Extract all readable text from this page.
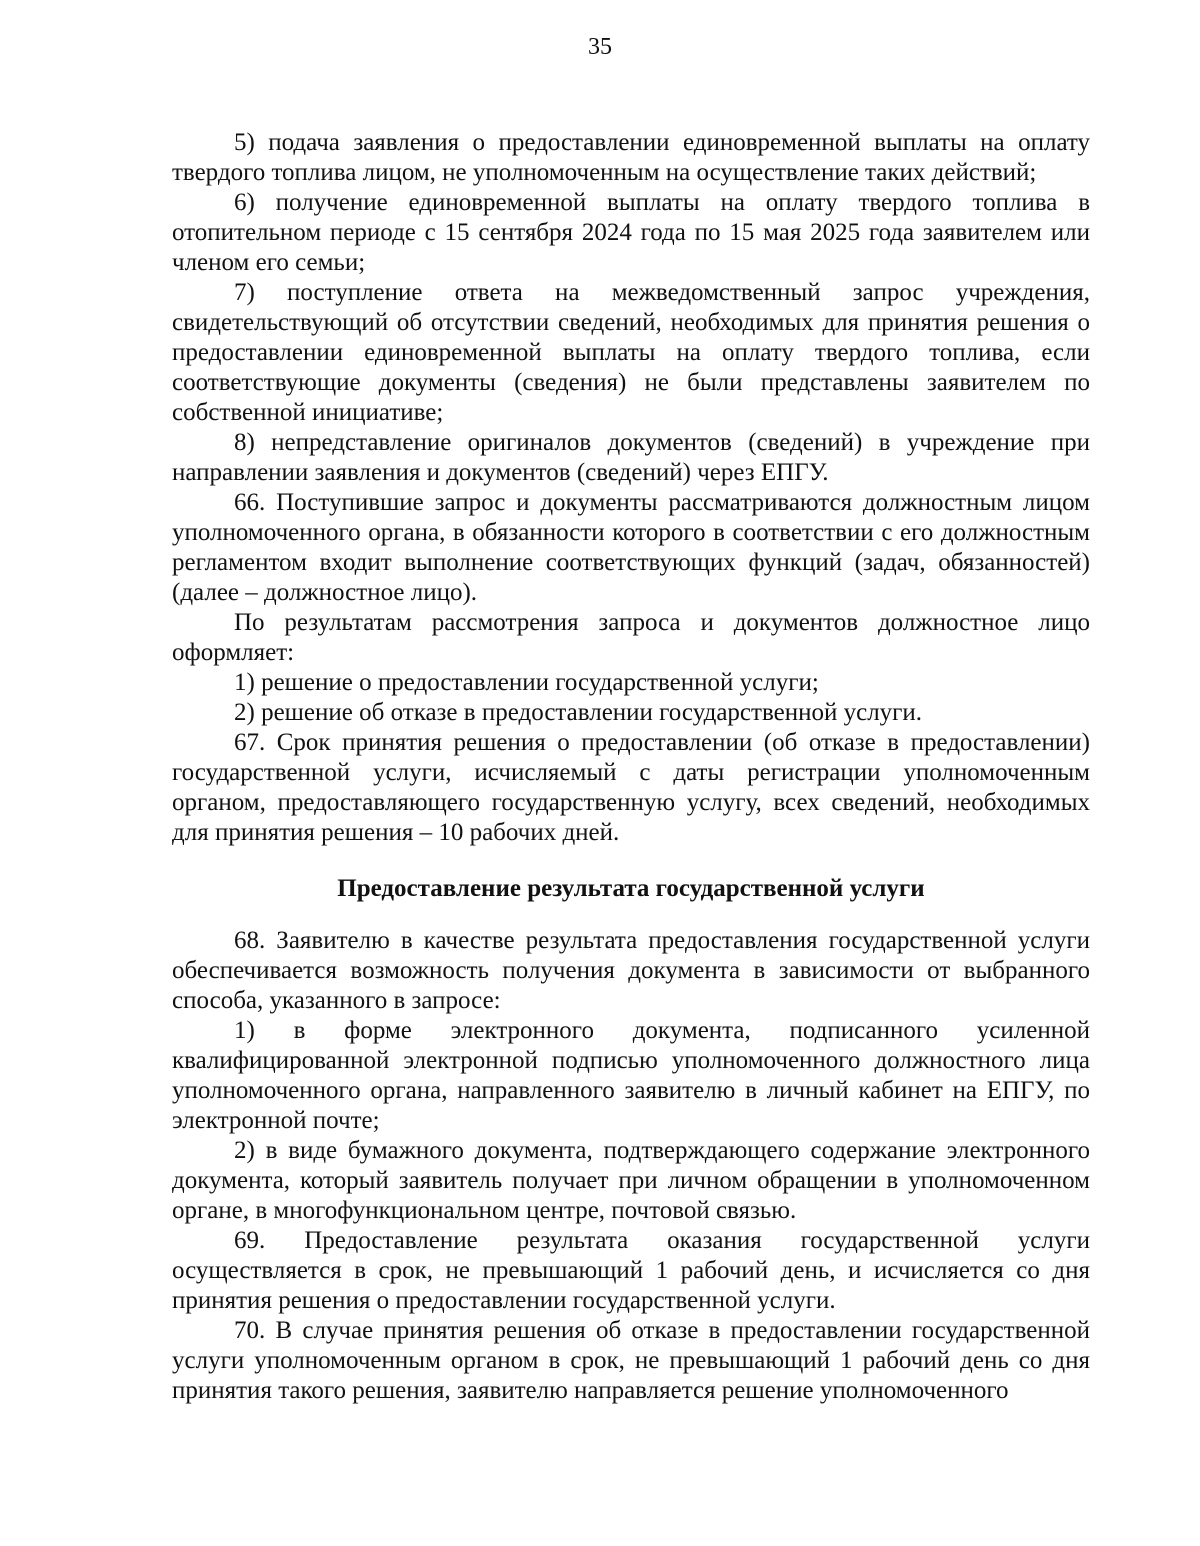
35

5) подача заявления о предоставлении единовременной выплаты на оплату твердого топлива лицом, не уполномоченным на осуществление таких действий;

6) получение единовременной выплаты на оплату твердого топлива в отопительном периоде с 15 сентября 2024 года по 15 мая 2025 года заявителем или членом его семьи;

7) поступление ответа на межведомственный запрос учреждения, свидетельствующий об отсутствии сведений, необходимых для принятия решения о предоставлении единовременной выплаты на оплату твердого топлива, если соответствующие документы (сведения) не были представлены заявителем по собственной инициативе;

8) непредставление оригиналов документов (сведений) в учреждение при направлении заявления и документов (сведений) через ЕПГУ.

66. Поступившие запрос и документы рассматриваются должностным лицом уполномоченного органа, в обязанности которого в соответствии с его должностным регламентом входит выполнение соответствующих функций (задач, обязанностей) (далее – должностное лицо).

По результатам рассмотрения запроса и документов должностное лицо оформляет:

1) решение о предоставлении государственной услуги;

2) решение об отказе в предоставлении государственной услуги.

67. Срок принятия решения о предоставлении (об отказе в предоставлении) государственной услуги, исчисляемый с даты регистрации уполномоченным органом, предоставляющего государственную услугу, всех сведений, необходимых для принятия решения – 10 рабочих дней.

Предоставление результата государственной услуги

68. Заявителю в качестве результата предоставления государственной услуги обеспечивается возможность получения документа в зависимости от выбранного способа, указанного в запросе:

1) в форме электронного документа, подписанного усиленной квалифицированной электронной подписью уполномоченного должностного лица уполномоченного органа, направленного заявителю в личный кабинет на ЕПГУ, по электронной почте;

2) в виде бумажного документа, подтверждающего содержание электронного документа, который заявитель получает при личном обращении в уполномоченном органе, в многофункциональном центре, почтовой связью.

69. Предоставление результата оказания государственной услуги осуществляется в срок, не превышающий 1 рабочий день, и исчисляется со дня принятия решения о предоставлении государственной услуги.

70. В случае принятия решения об отказе в предоставлении государственной услуги уполномоченным органом в срок, не превышающий 1 рабочий день со дня принятия такого решения, заявителю направляется решение уполномоченного
